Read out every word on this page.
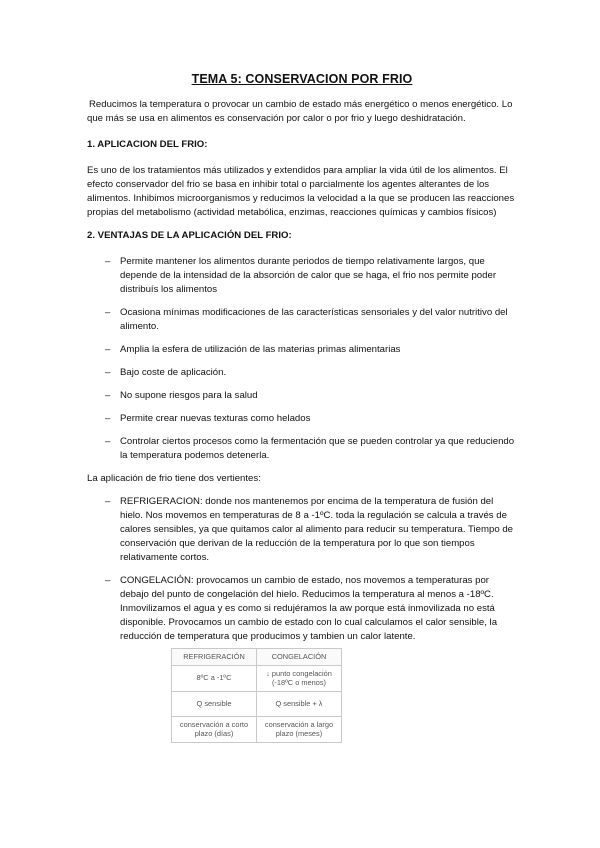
TEMA 5: CONSERVACION POR FRIO

Reducimos la temperatura o provocar un cambio de estado más energético o menos energético. Lo que más se usa en alimentos es conservación por calor o por frio y luego deshidratación.

1. APLICACION DEL FRIO:

Es uno de los tratamientos más utilizados y extendidos para ampliar la vida útil de los alimentos. El efecto conservador del frio se basa en inhibir total o parcialmente los agentes alterantes de los alimentos. Inhibimos microorganismos y reducimos la velocidad a la que se producen las reacciones propias del metabolismo (actividad metabólica, enzimas, reacciones químicas y cambios físicos)

2. VENTAJAS DE LA APLICACIÓN DEL FRIO:

– Permite mantener los alimentos durante periodos de tiempo relativamente largos, que depende de la intensidad de la absorción de calor que se haga, el frio nos permite poder distribuís los alimentos
– Ocasiona mínimas modificaciones de las características sensoriales y del valor nutritivo del alimento.
– Amplia la esfera de utilización de las materias primas alimentarias
– Bajo coste de aplicación.
– No supone riesgos para la salud
– Permite crear nuevas texturas como helados
– Controlar ciertos procesos como la fermentación que se pueden controlar ya que reduciendo la temperatura podemos detenerla.

La aplicación de frio tiene dos vertientes:

– REFRIGERACION: donde nos mantenemos por encima de la temperatura de fusión del hielo. Nos movemos en temperaturas de 8 a -1ºC. toda la regulación se calcula a través de calores sensibles, ya que quitamos calor al alimento para reducir su temperatura. Tiempo de conservación que derivan de la reducción de la temperatura por lo que son tiempos relativamente cortos.
– CONGELACIÓN: provocamos un cambio de estado, nos movemos a temperaturas por debajo del punto de congelación del hielo. Reducimos la temperatura al menos a -18ºC. Inmovilizamos el agua y es como si redujéramos la aw porque está inmovilizada no está disponible. Provocamos un cambio de estado con lo cual calculamos el calor sensible, la reducción de temperatura que producimos y tambien un calor latente.
REFRIGERACIÓN	CONGELACIÓN
8ºC a -1ºC	↓ punto congelación (-18ºC o menos)
Q sensible	Q sensible + λ
conservación a corto plazo (días)	conservación a largo plazo (meses)
